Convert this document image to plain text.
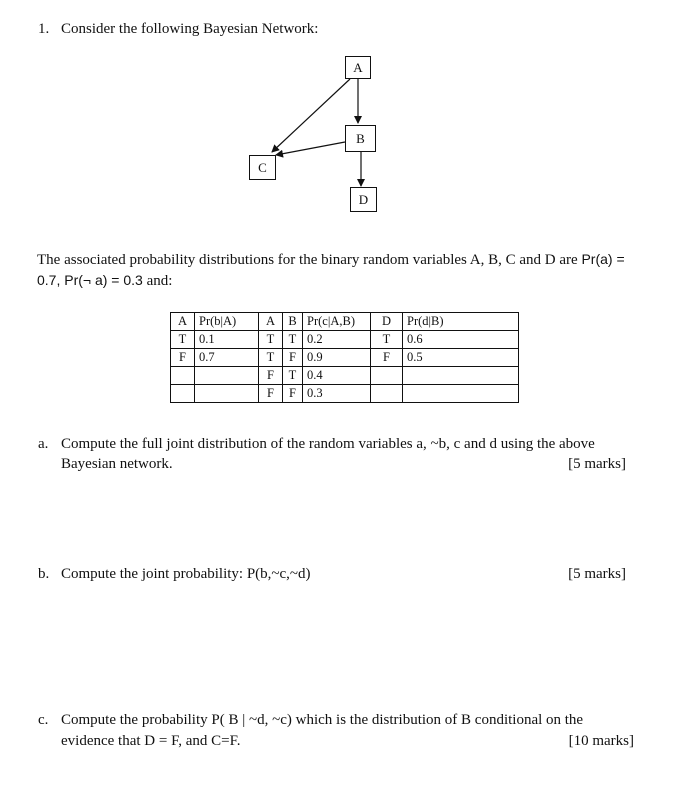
1. Consider the following Bayesian Network:
A
B
C
D
The associated probability distributions for the binary random variables A, B, C and D are Pr(a) =
0.7, Pr(¬ a) = 0.3 and:
A	Pr(b|A)	A	B	Pr(c|A,B)	D	Pr(d|B)
T	0.1	T	T	0.2	T	0.6
F	0.7	T	F	0.9	F	0.5
		F	T	0.4		
		F	F	0.3		
a. Compute the full joint distribution of the random variables a, ~b, c and d using the above
Bayesian network.	[5 marks]
b. Compute the joint probability: P(b,~c,~d)	[5 marks]
c. Compute the probability P( B | ~d, ~c) which is the distribution of B conditional on the
evidence that D = F, and C=F.	[10 marks]
